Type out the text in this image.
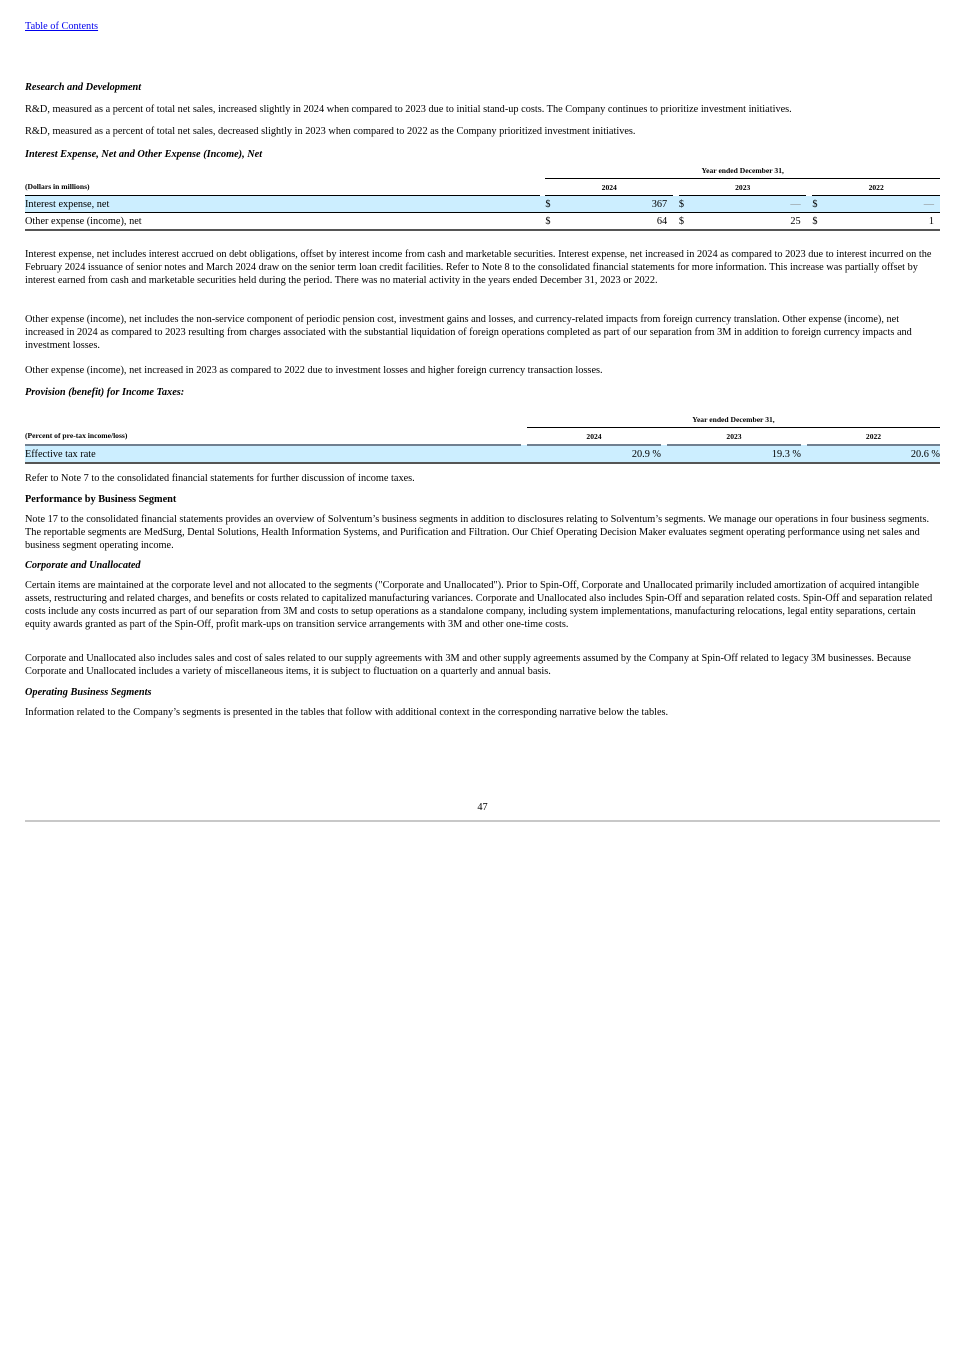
Table of Contents

Research and Development

R&D, measured as a percent of total net sales, increased slightly in 2024 when compared to 2023 due to initial stand-up costs. The Company continues to prioritize investment initiatives.

R&D, measured as a percent of total net sales, decreased slightly in 2023 when compared to 2022 as the Company prioritized investment initiatives.

Interest Expense, Net and Other Expense (Income), Net

		Year ended December 31,										
(Dollars in millions)		2024				2023				2022		
Interest expense, net		$	367			$	—			$	—	
Other expense (income), net		$	64			$	25			$	1	

Interest expense, net includes interest accrued on debt obligations, offset by interest income from cash and marketable securities. Interest expense, net increased in 2024 as compared to 2023 due to interest incurred on the February 2024 issuance of senior notes and March 2024 draw on the senior term loan credit facilities. Refer to Note 8 to the consolidated financial statements for more information. This increase was partially offset by interest earned from cash and marketable securities held during the period. There was no material activity in the years ended December 31, 2023 or 2022.

Other expense (income), net includes the non-service component of periodic pension cost, investment gains and losses, and currency-related impacts from foreign currency translation. Other expense (income), net increased in 2024 as compared to 2023 resulting from charges associated with the substantial liquidation of foreign operations completed as part of our separation from 3M in addition to foreign currency impacts and investment losses.

Other expense (income), net increased in 2023 as compared to 2022 due to investment losses and higher foreign currency transaction losses.

Provision (benefit) for Income Taxes:

		Year ended December 31,				
(Percent of pre-tax income/loss)		2024		2023		2022
Effective tax rate		20.9 %		19.3 %		20.6 %

Refer to Note 7 to the consolidated financial statements for further discussion of income taxes.

Performance by Business Segment

Note 17 to the consolidated financial statements provides an overview of Solventum’s business segments in addition to disclosures relating to Solventum’s segments. We manage our operations in four business segments. The reportable segments are MedSurg, Dental Solutions, Health Information Systems, and Purification and Filtration. Our Chief Operating Decision Maker evaluates segment operating performance using net sales and business segment operating income.

Corporate and Unallocated

Certain items are maintained at the corporate level and not allocated to the segments ("Corporate and Unallocated"). Prior to Spin-Off, Corporate and Unallocated primarily included amortization of acquired intangible assets, restructuring and related charges, and benefits or costs related to capitalized manufacturing variances. Corporate and Unallocated also includes Spin-Off and separation related costs. Spin-Off and separation related costs include any costs incurred as part of our separation from 3M and costs to setup operations as a standalone company, including system implementations, manufacturing relocations, legal entity separations, certain equity awards granted as part of the Spin-Off, profit mark-ups on transition service arrangements with 3M and other one-time costs.

Corporate and Unallocated also includes sales and cost of sales related to our supply agreements with 3M and other supply agreements assumed by the Company at Spin-Off related to legacy 3M businesses. Because Corporate and Unallocated includes a variety of miscellaneous items, it is subject to fluctuation on a quarterly and annual basis.

Operating Business Segments

Information related to the Company’s segments is presented in the tables that follow with additional context in the corresponding narrative below the tables.

47
